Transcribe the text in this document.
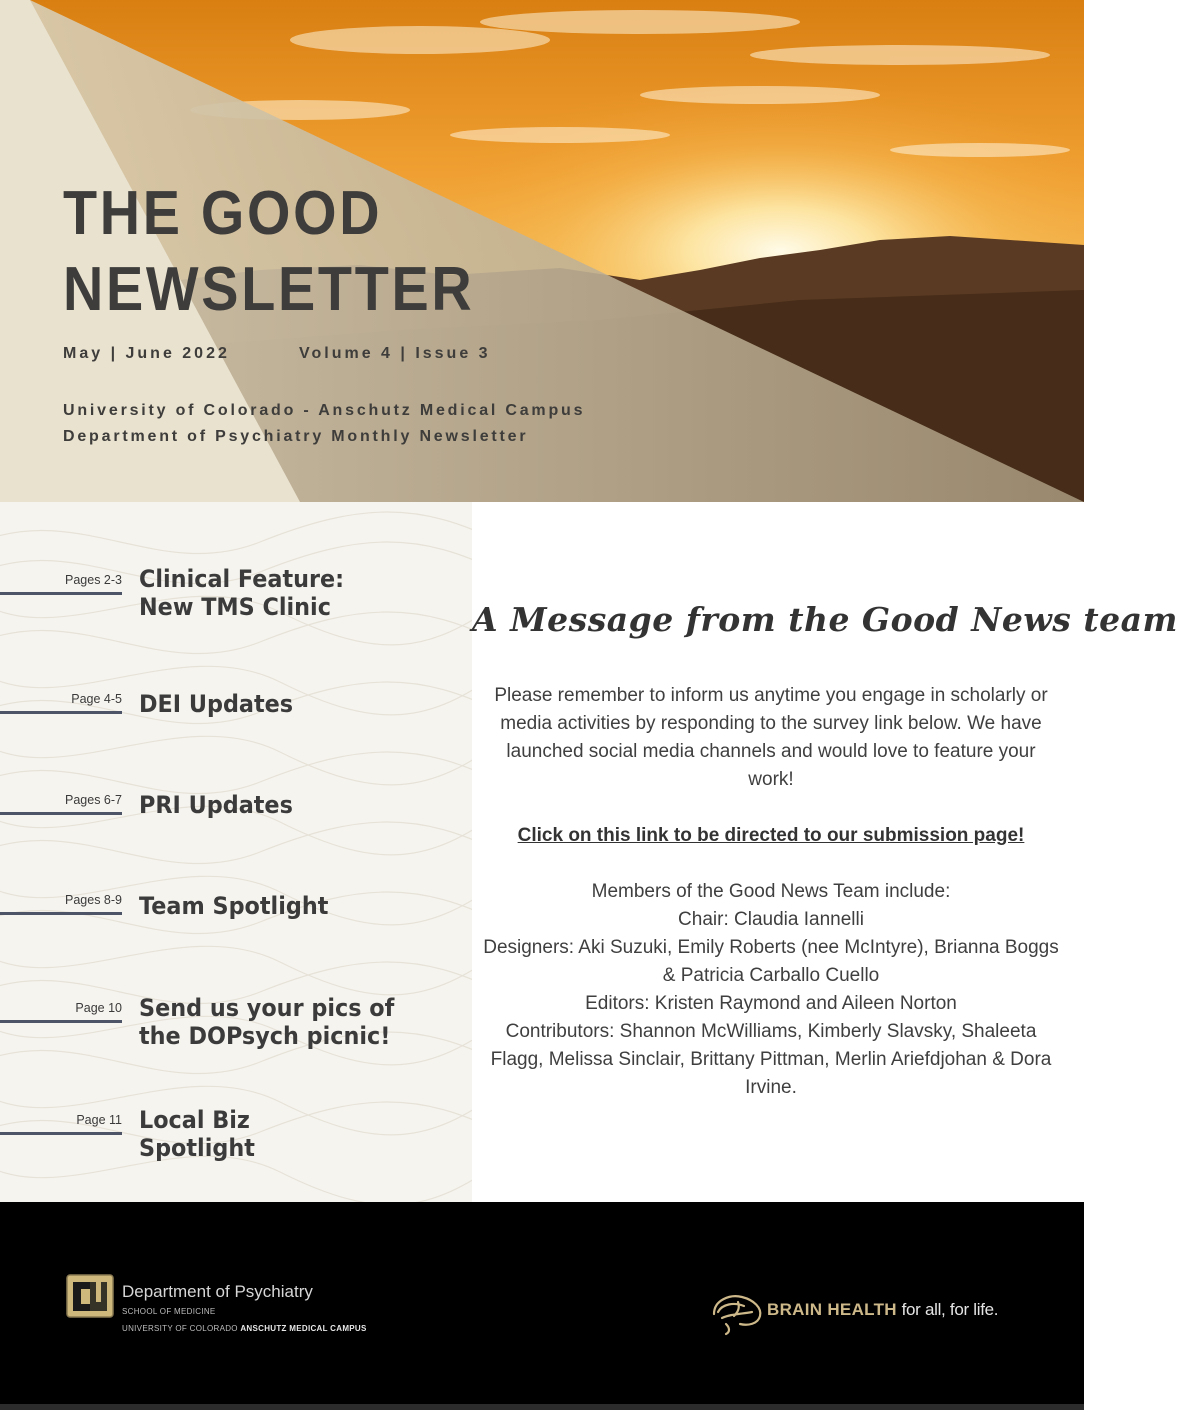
THE GOOD
NEWSLETTER
May | June 2022	Volume 4 | Issue 3
University of Colorado - Anschutz Medical Campus
Department of Psychiatry Monthly Newsletter
Pages 2-3 Clinical Feature:
New TMS Clinic
Page 4-5 DEI Updates
Pages 6-7 PRI Updates
Pages 8-9 Team Spotlight
Page 10 Send us your pics of
the DOPsych picnic!
Page 11 Local Biz
Spotlight
A Message from the Good News team

Please remember to inform us anytime you engage in scholarly or media activities by responding to the survey link below. We have launched social media channels and would love to feature your work!

Click on this link to be directed to our submission page!

Members of the Good News Team include:

Chair: Claudia Iannelli

Designers: Aki Suzuki, Emily Roberts (nee McIntyre), Brianna Boggs & Patricia Carballo Cuello

Editors: Kristen Raymond and Aileen Norton

Contributors: Shannon McWilliams, Kimberly Slavsky, Shaleeta Flagg, Melissa Sinclair, Brittany Pittman, Merlin Ariefdjohan & Dora Irvine.

Department of Psychiatry
SCHOOL OF MEDICINE
UNIVERSITY OF COLORADO ANSCHUTZ MEDICAL CAMPUS
BRAIN HEALTH for all, for life.
